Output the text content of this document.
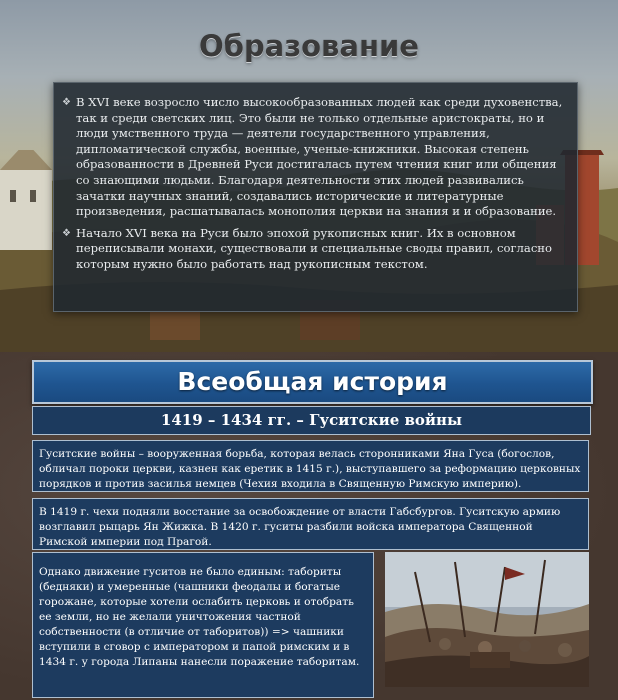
Образование
❖ В XVI веке возросло число высокообразованных людей как среди духовенства, так и среди светских лиц. Это были не только отдельные аристократы, но и люди умственного труда — деятели государственного управления, дипломатической службы, военные, ученые-книжники. Высокая степень образованности в Древней Руси достигалась путем чтения книг или общения со знающими людьми. Благодаря деятельности этих людей развивались зачатки научных знаний, создавались исторические и литературные произведения, расшатывалась монополия церкви на знания и и образование.
❖ Начало XVI века на Руси было эпохой рукописных книг. Их в основном переписывали монахи, существовали и специальные своды правил, согласно которым нужно было работать над рукописным текстом.
Всеобщая история
1419 – 1434 гг. – Гуситские войны
Гуситские войны – вооруженная борьба, которая велась сторонниками Яна Гуса (богослов, обличал пороки церкви, казнен как еретик в 1415 г.), выступавшего за реформацию церковных порядков и против засилья немцев (Чехия входила в Священную Римскую империю).
В 1419 г. чехи подняли восстание за освобождение от власти Габсбургов. Гуситскую армию возглавил рыцарь Ян Жижка. В 1420 г. гуситы разбили войска императора Священной Римской империи под Прагой.
Однако движение гуситов не было единым: табориты (бедняки) и умеренные (чашники феодалы и богатые горожане, которые хотели ослабить церковь и отобрать ее земли, но не желали уничтожения частной собственности (в отличие от таборитов)) => чашники вступили в сговор с императором и папой римским и в 1434 г. у города Липаны нанесли поражение таборитам.
